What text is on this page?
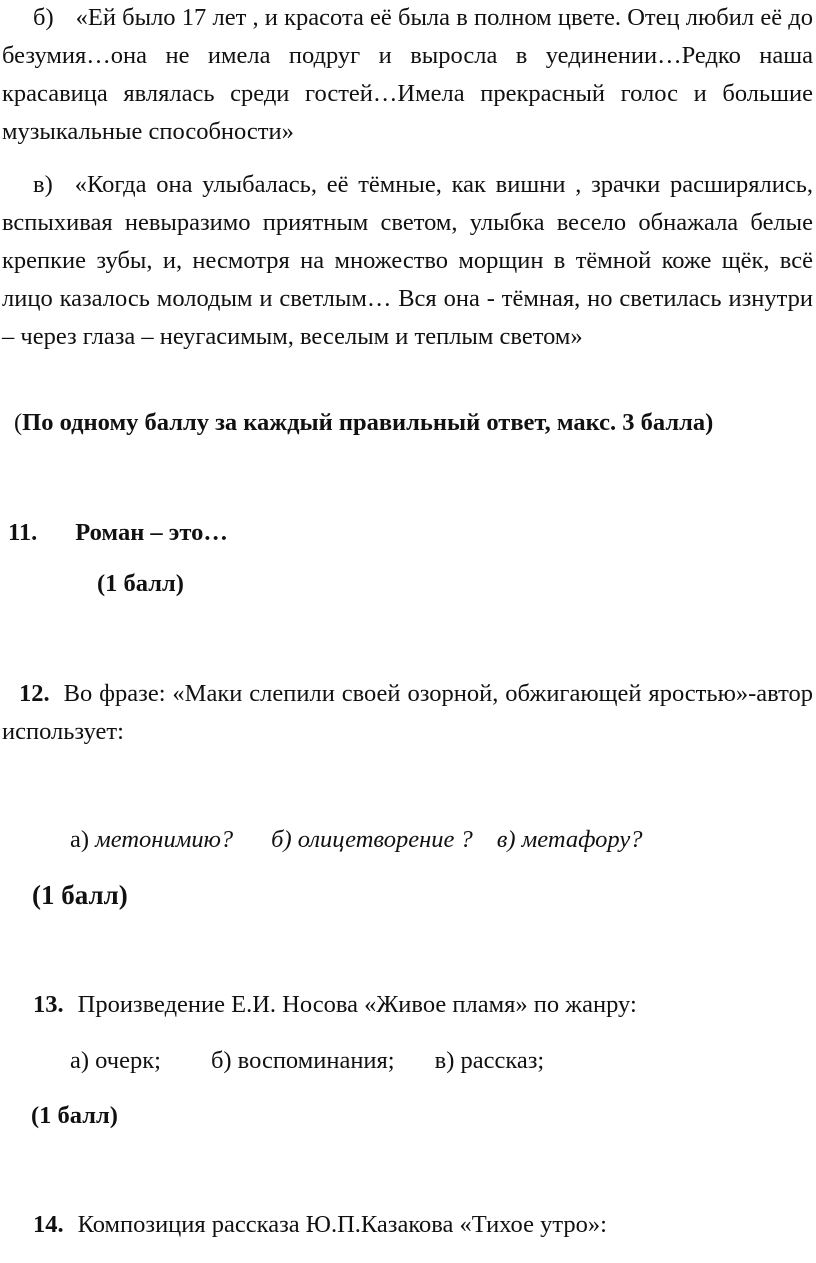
б) «Ей было 17 лет , и красота её была в полном цвете. Отец любил её до безумия…она не имела подруг и выросла в уединении…Редко наша красавица являлась среди гостей…Имела прекрасный голос и большие музыкальные способности»

в) «Когда она улыбалась, её тёмные, как вишни , зрачки расширялись, вспыхивая невыразимо приятным светом, улыбка весело обнажала белые крепкие зубы, и, несмотря на множество морщин в тёмной коже щёк, всё лицо казалось молодым и светлым… Вся она - тёмная, но светилась изнутри – через глаза – неугасимым, веселым и теплым светом»

(По одному баллу за каждый правильный ответ, макс. 3 балла)

11. Роман – это…

(1 балл)

12. Во фразе: «Маки слепили своей озорной, обжигающей яростью»-автор использует:

а) метонимию? б) олицетворение ? в) метафору?

(1 балл)

13. Произведение Е.И. Носова «Живое пламя» по жанру:

а) очерк; б) воспоминания; в) рассказ;

(1 балл)

14. Композиция рассказа Ю.П.Казакова «Тихое утро»:
